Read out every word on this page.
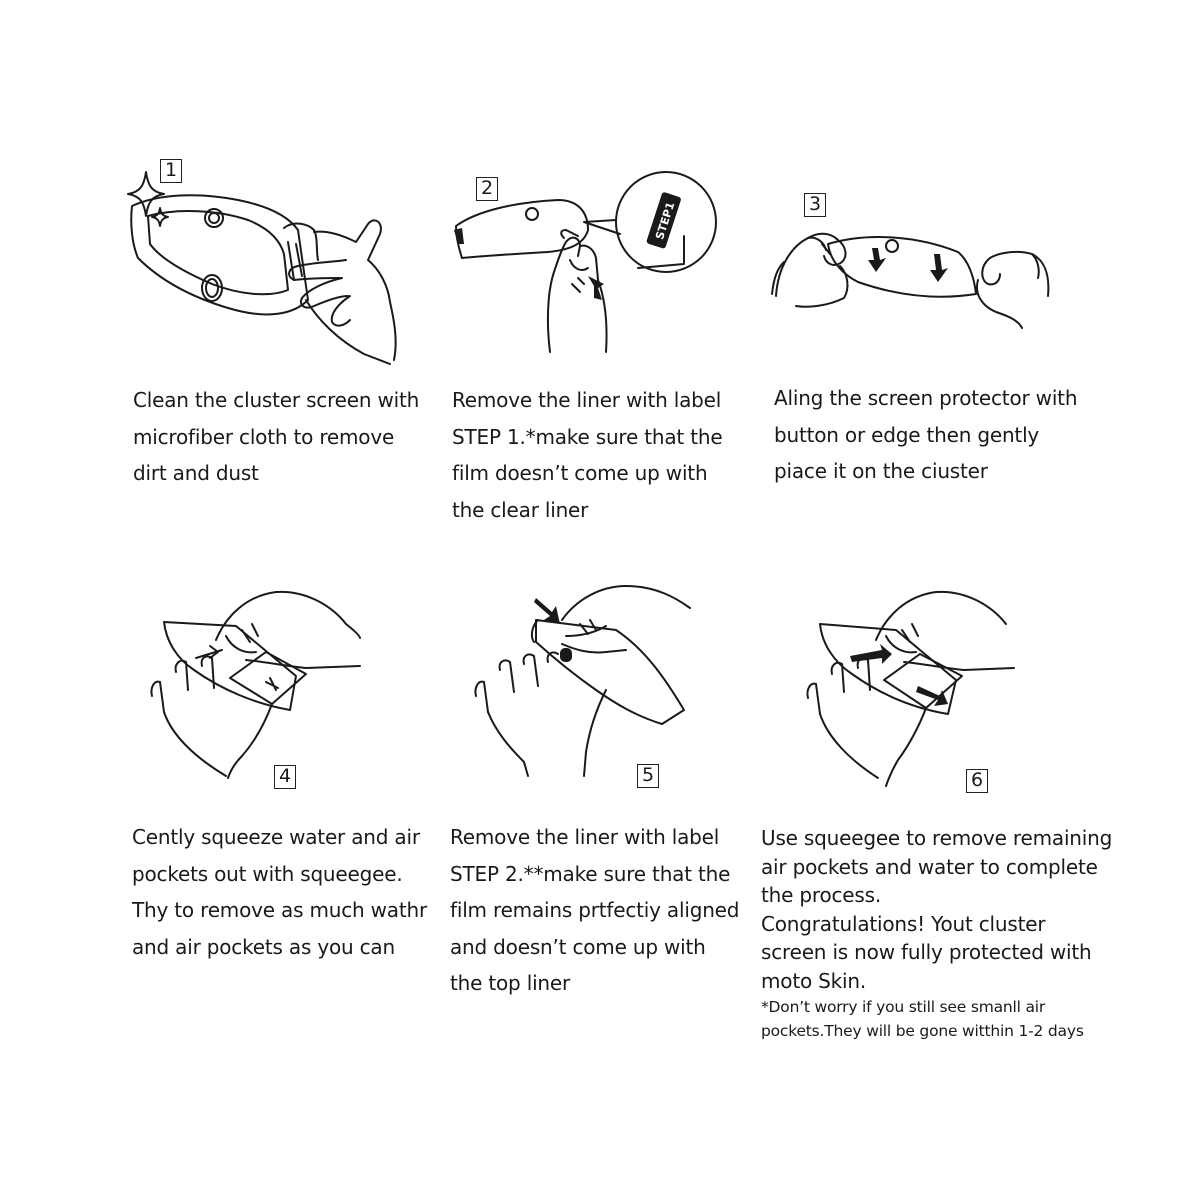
1

Clean the cluster screen with

microfiber cloth to remove

dirt and dust

STEP1
2

Remove the liner with label

STEP 1.*make sure that the

film doesn’t come up with

the clear liner

3

Aling the screen protector with

button or edge then gently

piace it on the ciuster

4

Cently squeeze water and air

pockets out with squeegee.

Thy to remove as much wathr

and air pockets as you can

5

Remove the liner with label

STEP 2.**make sure that the

film remains prtfectiy aligned

and doesn’t come up with

the top liner

6

Use squeegee to remove remaining

air pockets and water to complete

the process.

Congratulations! Yout cluster

screen is now fully protected with

moto Skin.

*Don’t worry if you still see smanll air

pockets.They will be gone witthin 1-2 days
